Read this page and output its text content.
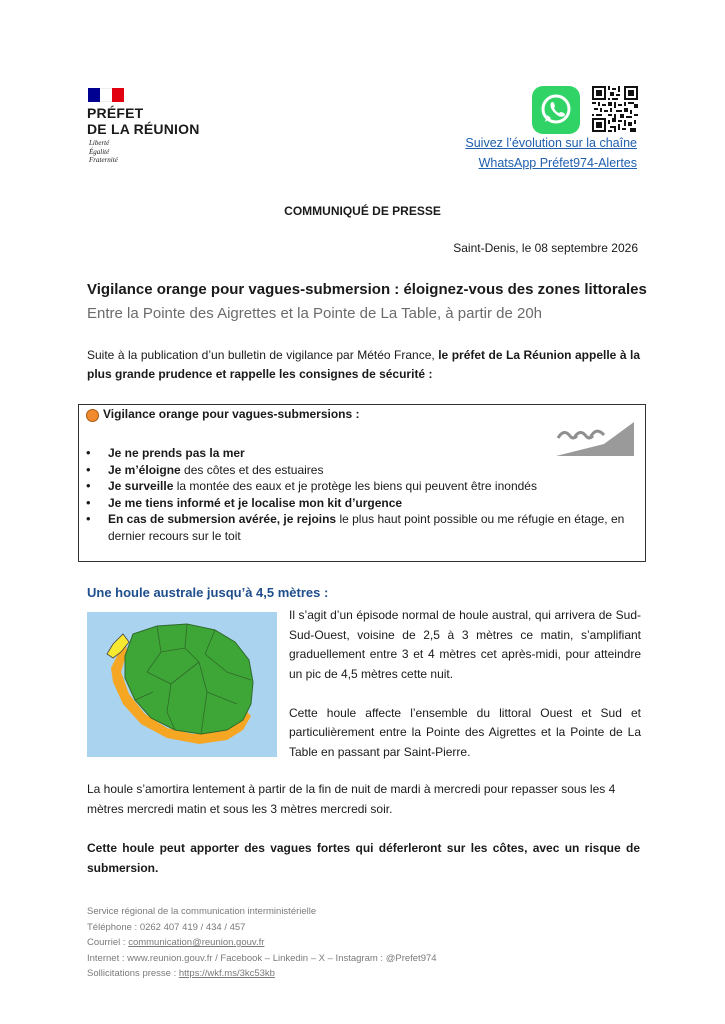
PRÉFET
DE LA RÉUNION
Liberté
Égalité
Fraternité
Suivez l’évolution sur la chaîne
WhatsApp Préfet974-Alertes
COMMUNIQUÉ DE PRESSE
Saint-Denis, le 08 septembre 2026
Vigilance orange pour vagues-submersion : éloignez-vous des zones littorales
Entre la Pointe des Aigrettes et la Pointe de La Table, à partir de 20h
Suite à la publication d’un bulletin de vigilance par Météo France, le préfet de La Réunion appelle à la plus grande prudence et rappelle les consignes de sécurité :
Vigilance orange pour vagues-submersions :
• Je ne prends pas la mer
• Je m’éloigne des côtes et des estuaires
• Je surveille la montée des eaux et je protège les biens qui peuvent être inondés
• Je me tiens informé et je localise mon kit d’urgence
• En cas de submersion avérée, je rejoins le plus haut point possible ou me réfugie en étage, en dernier recours sur le toit
Une houle australe jusqu’à 4,5 mètres :

Il s’agit d’un épisode normal de houle austral, qui arrivera de Sud-Sud-Ouest, voisine de 2,5 à 3 mètres ce matin, s’amplifiant graduellement entre 3 et 4 mètres cet après-midi, pour atteindre un pic de 4,5 mètres cette nuit.

Cette houle affecte l’ensemble du littoral Ouest et Sud et particulièrement entre la Pointe des Aigrettes et la Pointe de La Table en passant par Saint-Pierre.

La houle s’amortira lentement à partir de la fin de nuit de mardi à mercredi pour repasser sous les 4 mètres mercredi matin et sous les 3 mètres mercredi soir.
Cette houle peut apporter des vagues fortes qui déferleront sur les côtes, avec un risque de submersion.
Service régional de la communication interministérielle
Téléphone : 0262 407 419 / 434 / 457
Courriel : communication@reunion.gouv.fr
Internet : www.reunion.gouv.fr / Facebook – Linkedin – X – Instagram : @Prefet974
Sollicitations presse : https://wkf.ms/3kc53kb
